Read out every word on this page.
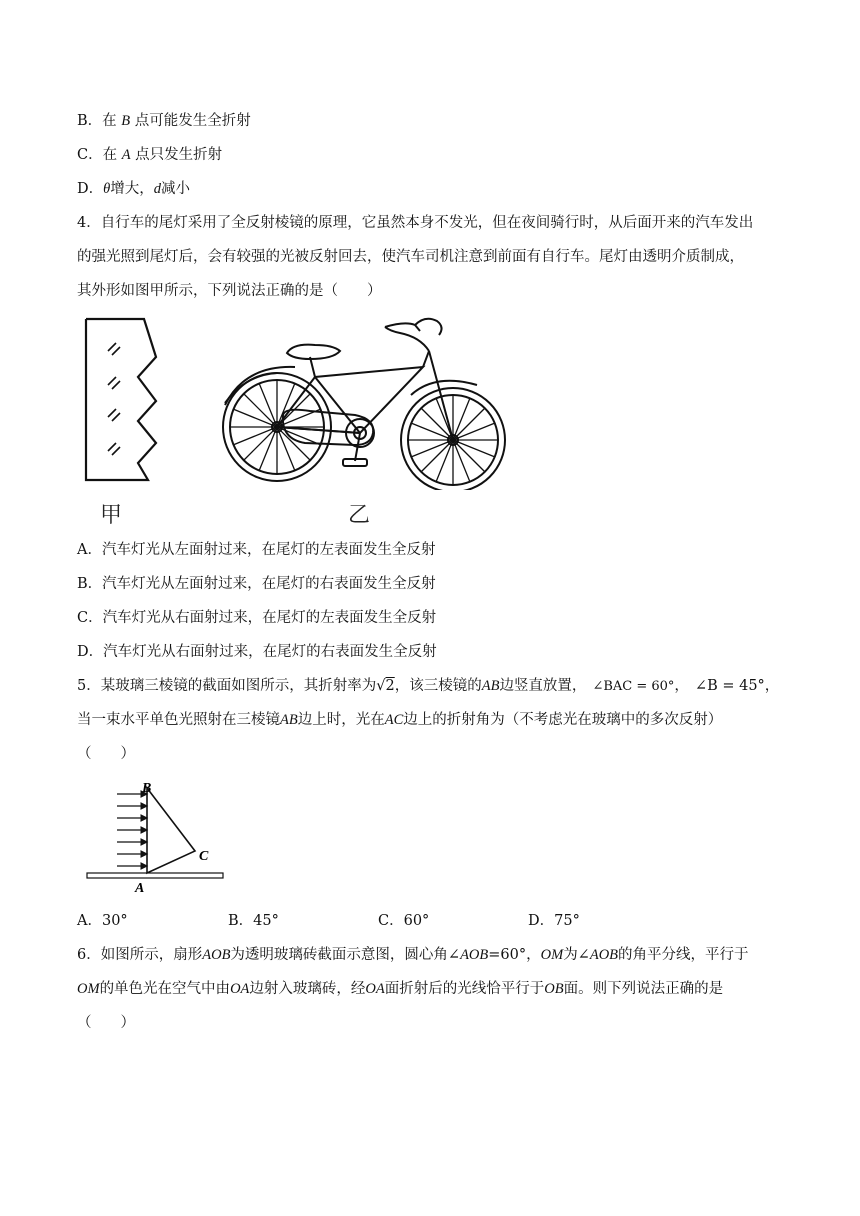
B．在 B 点可能发生全折射
C．在 A 点只发生折射
D．θ增大，d减小
4．自行车的尾灯采用了全反射棱镜的原理，它虽然本身不发光，但在夜间骑行时，从后面开来的汽车发出
的强光照到尾灯后，会有较强的光被反射回去，使汽车司机注意到前面有自行车。尾灯由透明介质制成，
其外形如图甲所示，下列说法正确的是（　　）
甲	乙
A．汽车灯光从左面射过来，在尾灯的左表面发生全反射
B．汽车灯光从左面射过来，在尾灯的右表面发生全反射
C．汽车灯光从右面射过来，在尾灯的左表面发生全反射
D．汽车灯光从右面射过来，在尾灯的右表面发生全反射
5．某玻璃三棱镜的截面如图所示，其折射率为√2，该三棱镜的AB边竖直放置， ∠BAC = 60°， ∠B = 45°，
当一束水平单色光照射在三棱镜AB边上时，光在AC边上的折射角为（不考虑光在玻璃中的多次反射）
（　　）
B
C
A
A．30°	B．45°	C．60°	D．75°
6．如图所示，扇形AOB为透明玻璃砖截面示意图，圆心角∠AOB=60°，OM为∠AOB的角平分线，平行于
OM的单色光在空气中由OA边射入玻璃砖，经OA面折射后的光线恰平行于OB面。则下列说法正确的是
（　　）
